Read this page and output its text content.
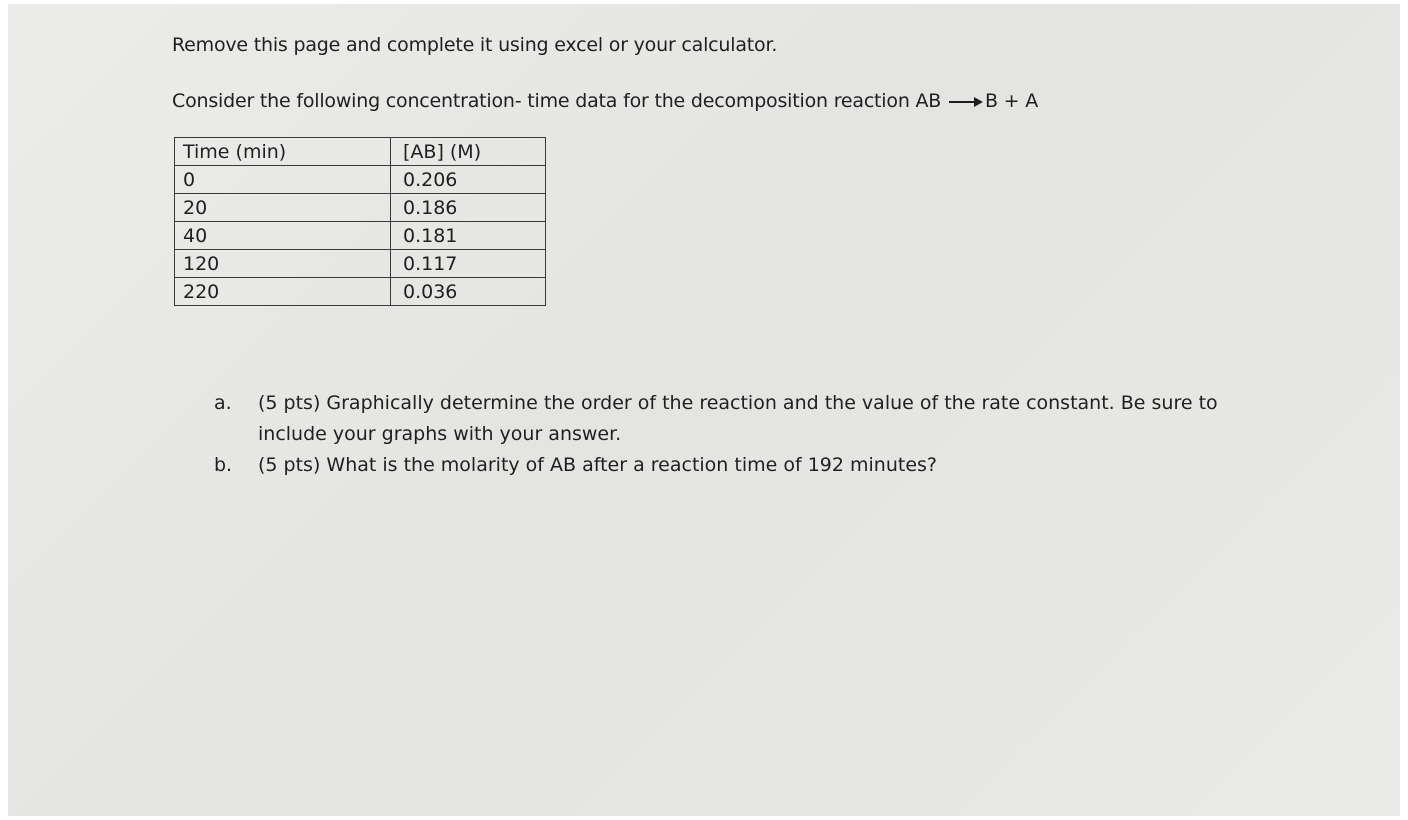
Remove this page and complete it using excel or your calculator.
Consider the following concentration- time data for the decomposition reaction AB B + A
Time (min)	[AB] (M)
0	0.206
20	0.186
40	0.181
120	0.117
220	0.036
a.	(5 pts) Graphically determine the order of the reaction and the value of the rate constant. Be sure to include your graphs with your answer.
b.	(5 pts) What is the molarity of AB after a reaction time of 192 minutes?
